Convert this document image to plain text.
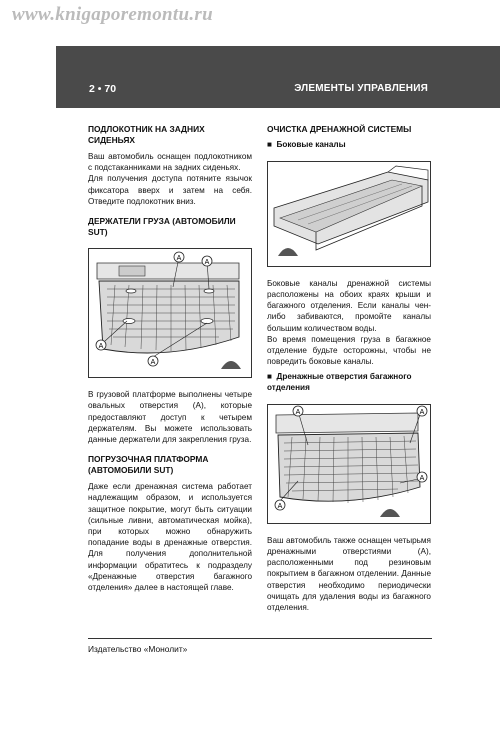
www.knigaporemontu.ru
2 • 70	ЭЛЕМЕНТЫ УПРАВЛЕНИЯ
ПОДЛОКОТНИК НА ЗАДНИХ СИДЕНЬЯХ

Ваш автомобиль оснащен подлокотником с подстаканниками на задних сиденьях.

Для получения доступа потяните язычок фиксатора вверх и затем на себя. Отведите подлокотник вниз.

ДЕРЖАТЕЛИ ГРУЗА (АВТОМОБИЛИ SUT)
A
A
A
A

В грузовой платформе выполнены четыре овальных отверстия (А), которые предоставляют доступ к четырем держателям. Вы можете использовать данные держатели для закрепления груза.

ПОГРУЗОЧНАЯ ПЛАТФОРМА (АВТОМОБИЛИ SUT)

Даже если дренажная система работает надлежащим образом, и используется защитное покрытие, могут быть ситуации (сильные ливни, автоматическая мойка), при которых можно обнаружить попадание воды в дренажные отверстия. Для получения дополнительной информации обратитесь к подразделу «Дренажные отверстия багажного отделения» далее в настоящей главе.

ОЧИСТКА ДРЕНАЖНОЙ СИСТЕМЫ
■  Боковые каналы

Боковые каналы дренажной системы расположены на обоих краях крыши и багажного отделения. Если каналы чен-либо забиваются, промойте каналы большим количеством воды.

Во время помещения груза в багажное отделение будьте осторожны, чтобы не повредить боковые каналы.

■  Дренажные отверстия багажного отделения
A	A
A
A

Ваш автомобиль также оснащен четырьмя дренажными отверстиями (А), расположенными под резиновым покрытием в багажном отделении. Данные отверстия необходимо периодически очищать для удаления воды из багажного отделения.

Издательство «Монолит»
